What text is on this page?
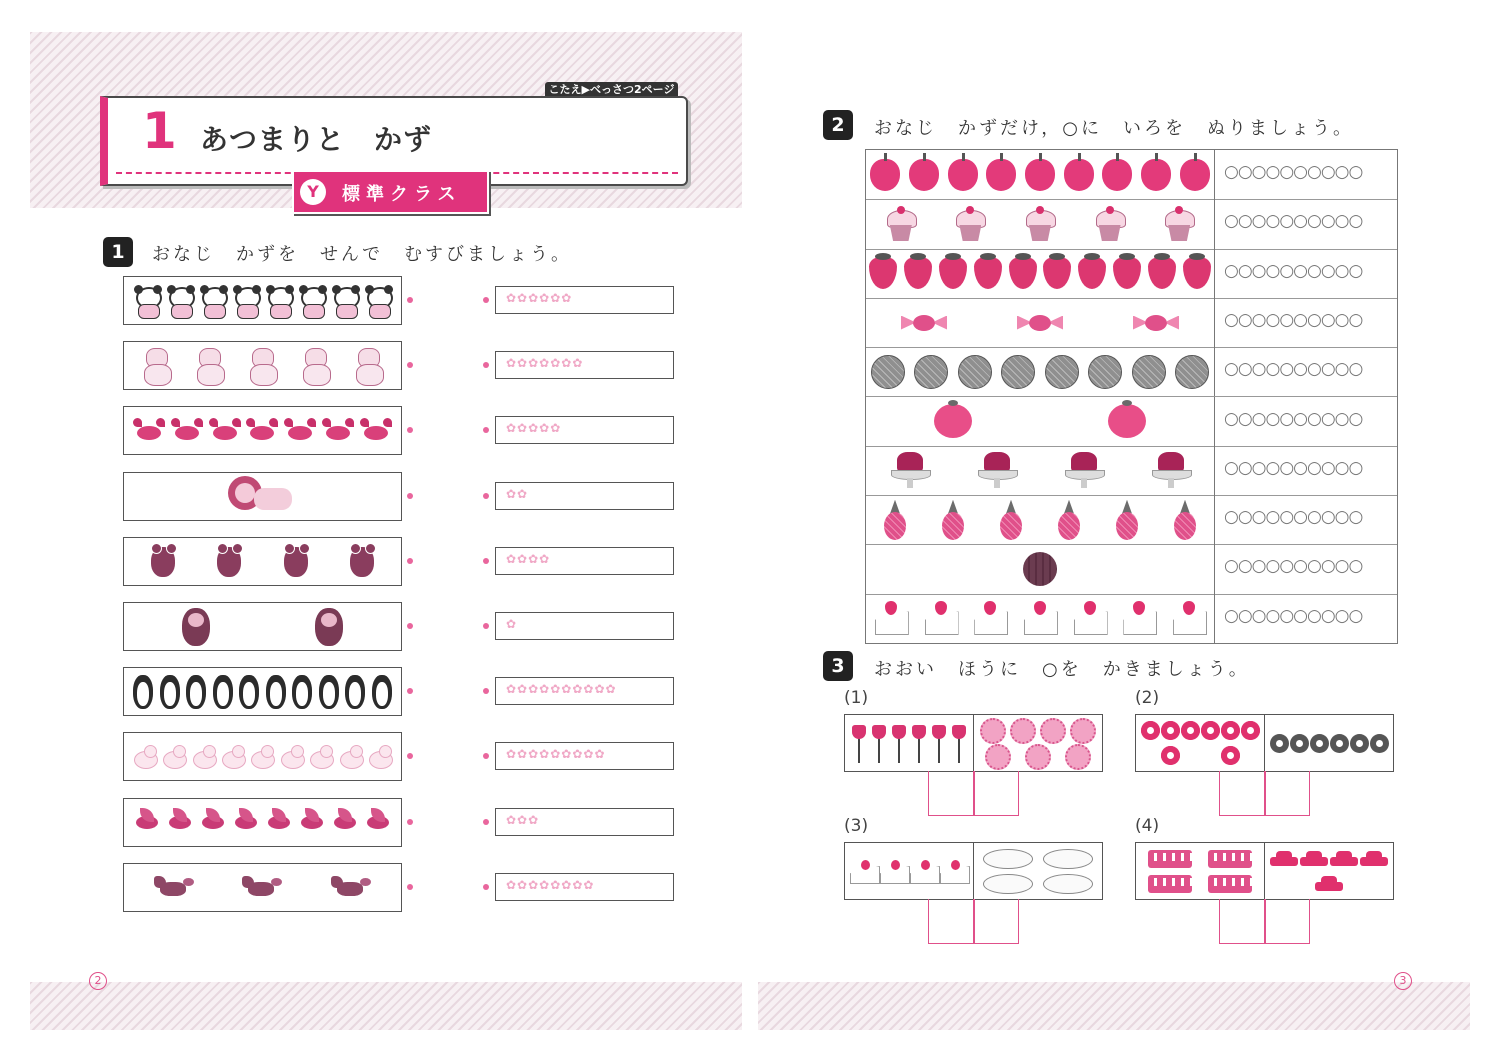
こたえ▶べっさつ2ページ
1 あつまりと　かず
Y	標準クラス
1	おなじ　かずを　せんで　むすびましょう。
✿✿✿✿✿✿
✿✿✿✿✿✿✿
✿✿✿✿✿
✿✿
✿✿✿✿
✿
✿✿✿✿✿✿✿✿✿✿
✿✿✿✿✿✿✿✿✿
✿✿✿
✿✿✿✿✿✿✿✿
2	おなじ　かずだけ，○に　いろを　ぬりましょう。
○○○○○○○○○○
○○○○○○○○○○
○○○○○○○○○○
○○○○○○○○○○
○○○○○○○○○○
○○○○○○○○○○
○○○○○○○○○○
○○○○○○○○○○
○○○○○○○○○○
○○○○○○○○○○
3	おおい　ほうに　○を　かきましょう。
(1)	(2)
(3)	(4)
2	3
